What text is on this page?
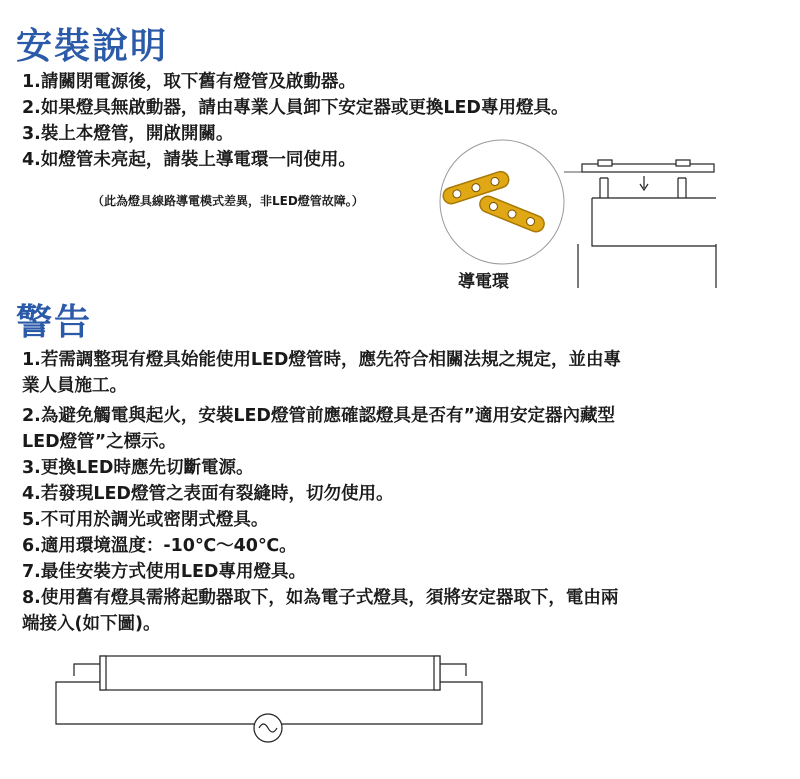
安裝說明
1.請關閉電源後，取下舊有燈管及啟動器。
2.如果燈具無啟動器，請由專業人員卸下安定器或更換LED專用燈具。
3.裝上本燈管，開啟開關。
4.如燈管未亮起，請裝上導電環一同使用。
（此為燈具線路導電模式差異，非LED燈管故障。）
導電環
警告
1.若需調整現有燈具始能使用LED燈管時，應先符合相關法規之規定，並由專
業人員施工。
2.為避免觸電與起火，安裝LED燈管前應確認燈具是否有”適用安定器內藏型
LED燈管”之標示。
3.更換LED時應先切斷電源。
4.若發現LED燈管之表面有裂縫時，切勿使用。
5.不可用於調光或密閉式燈具。
6.適用環境溫度：-10℃～40℃。
7.最佳安裝方式使用LED專用燈具。
8.使用舊有燈具需將起動器取下，如為電子式燈具，須將安定器取下，電由兩
端接入(如下圖)。
